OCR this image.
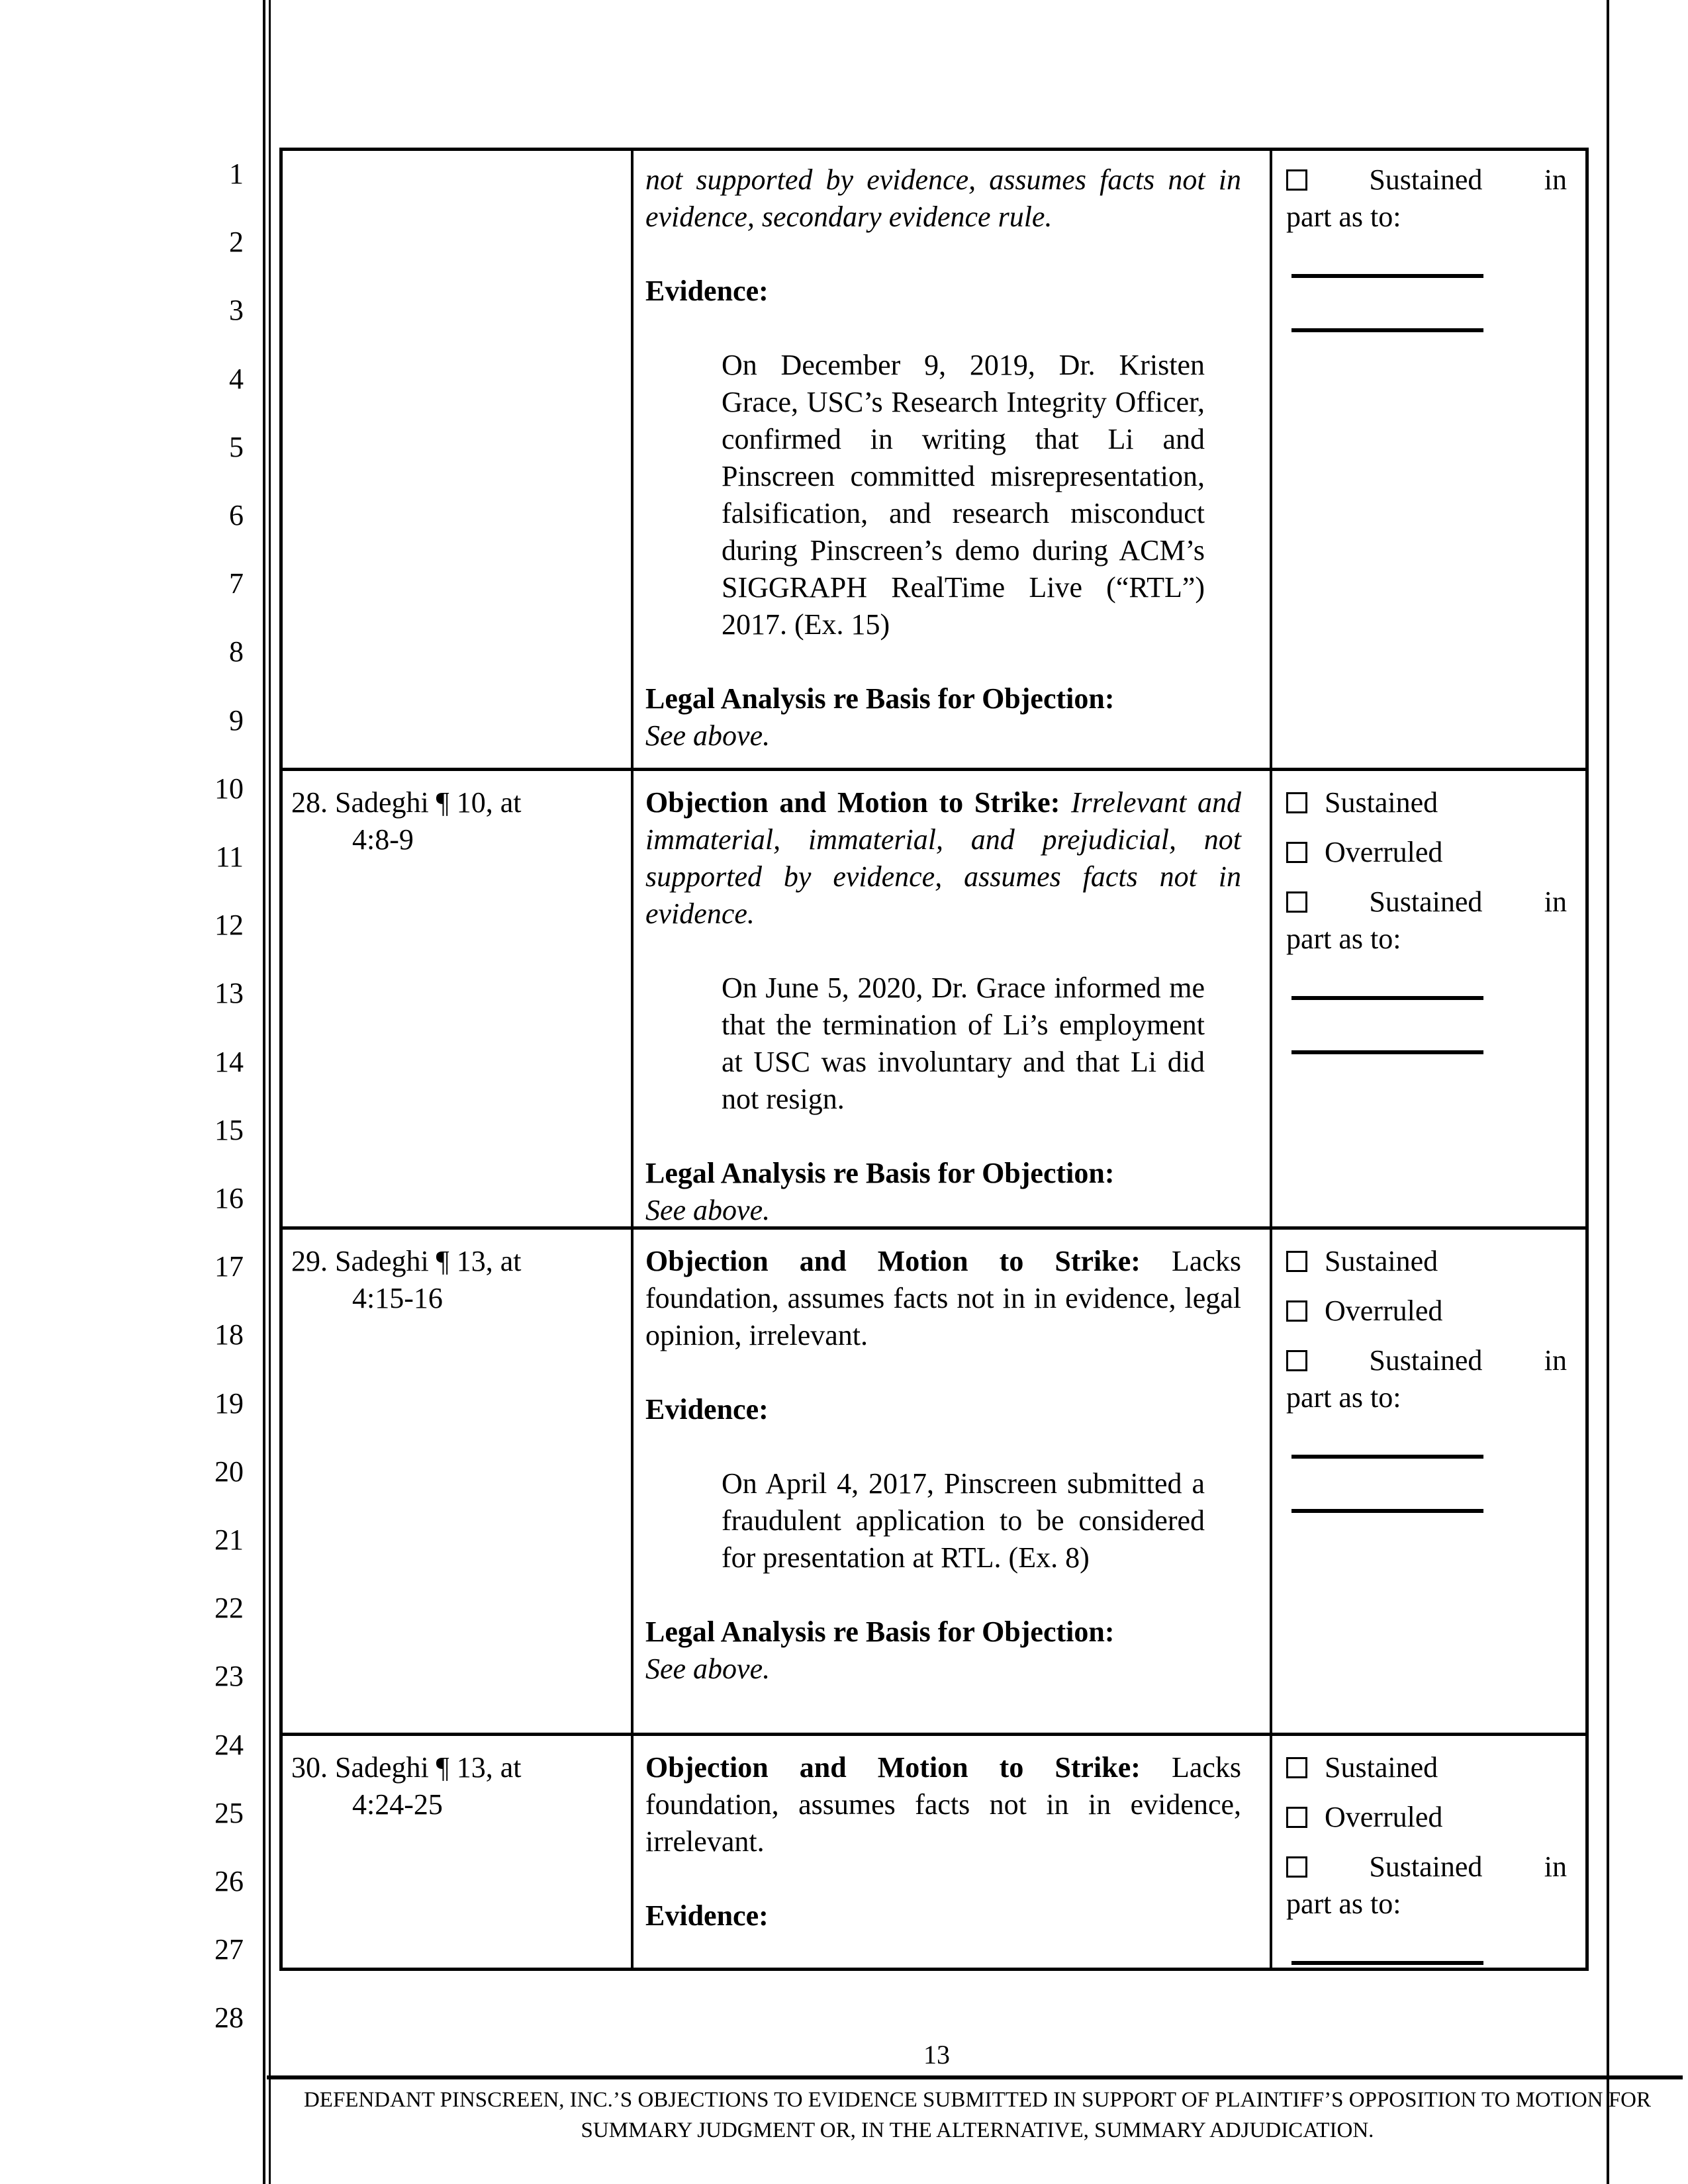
1
2
3
4
5
6
7
8
9
10
11
12
13
14
15
16
17
18
19
20
21
22
23
24
25
26
27
28

not supported by evidence, assumes facts not in evidence, secondary evidence rule.

Evidence:

On December 9, 2019, Dr. Kristen Grace, USC’s Research Integrity Officer, confirmed in writing that Li and Pinscreen committed misrepresentation, falsification, and research misconduct during Pinscreen’s demo during ACM’s SIGGRAPH RealTime Live (“RTL”) 2017. (Ex. 15)

Legal Analysis re Basis for Objection:

See above.

Sustained in
part as to:
28. Sadeghi ¶ 10, at
4:8-9

Objection and Motion to Strike: Irrelevant and immaterial, immaterial, and prejudicial, not supported by evidence, assumes facts not in evidence.

On June 5, 2020, Dr. Grace informed me that the termination of Li’s employment at USC was involuntary and that Li did not resign.

Legal Analysis re Basis for Objection:

See above.

Sustained
Overruled
Sustained in
part as to:
29. Sadeghi ¶ 13, at
4:15-16

Objection and Motion to Strike: Lacks foundation, assumes facts not in in evidence, legal opinion, irrelevant.

Evidence:

On April 4, 2017, Pinscreen submitted a fraudulent application to be considered for presentation at RTL. (Ex. 8)

Legal Analysis re Basis for Objection:

See above.

Sustained
Overruled
Sustained in
part as to:
30. Sadeghi ¶ 13, at
4:24-25

Objection and Motion to Strike: Lacks foundation, assumes facts not in in evidence, irrelevant.

Evidence:

Sustained
Overruled
Sustained in
part as to:
13
DEFENDANT PINSCREEN, INC.’S OBJECTIONS TO EVIDENCE SUBMITTED IN SUPPORT OF PLAINTIFF’S OPPOSITION TO MOTION FOR
SUMMARY JUDGMENT OR, IN THE ALTERNATIVE, SUMMARY ADJUDICATION.
